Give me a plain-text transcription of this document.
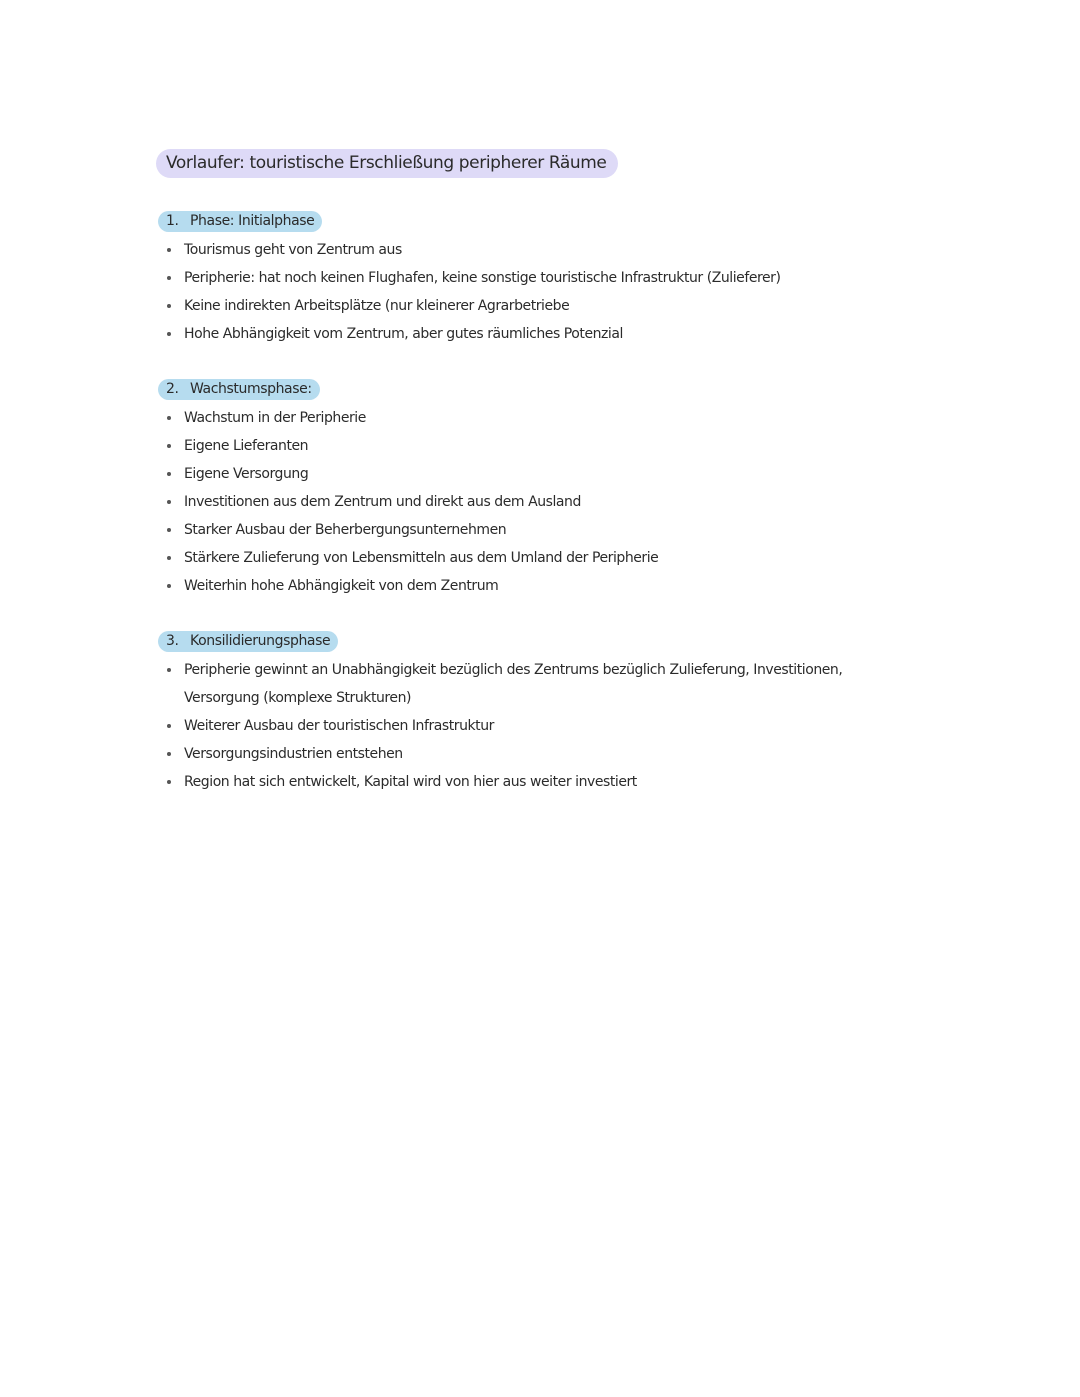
Vorlaufer: touristische Erschließung peripherer Räume
1. Phase: Initialphase
Tourismus geht von Zentrum aus
Peripherie: hat noch keinen Flughafen, keine sonstige touristische Infrastruktur (Zulieferer)
Keine indirekten Arbeitsplätze (nur kleinerer Agrarbetriebe
Hohe Abhängigkeit vom Zentrum, aber gutes räumliches Potenzial
2. Wachstumsphase:
Wachstum in der Peripherie
Eigene Lieferanten
Eigene Versorgung
Investitionen aus dem Zentrum und direkt aus dem Ausland
Starker Ausbau der Beherbergungsunternehmen
Stärkere Zulieferung von Lebensmitteln aus dem Umland der Peripherie
Weiterhin hohe Abhängigkeit von dem Zentrum
3. Konsilidierungsphase
Peripherie gewinnt an Unabhängigkeit bezüglich des Zentrums bezüglich Zulieferung, Investitionen, Versorgung (komplexe Strukturen)
Weiterer Ausbau der touristischen Infrastruktur
Versorgungsindustrien entstehen
Region hat sich entwickelt, Kapital wird von hier aus weiter investiert
